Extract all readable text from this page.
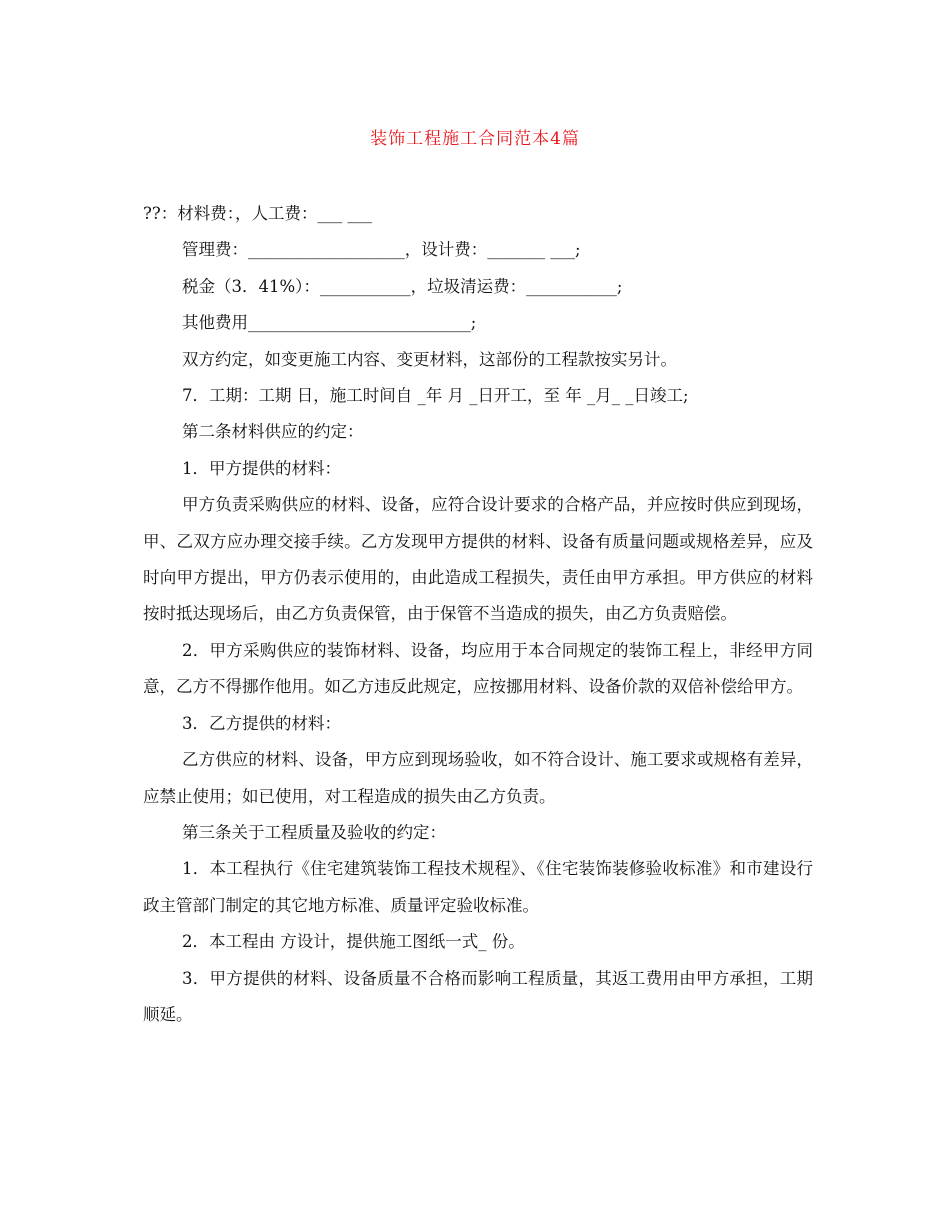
装饰工程施工合同范本4篇
??：材料费：，人工费：___ ___
管理费：___________________，设计费：_______ ___;
税金（3．41%）：___________，垃圾清运费：___________;
其他费用___________________________;
双方约定，如变更施工内容、变更材料，这部份的工程款按实另计。
7．工期：工期 日，施工时间自 _年 月 _日开工，至 年 _月_ _日竣工;
第二条材料供应的约定：
1．甲方提供的材料：

甲方负责采购供应的材料、设备，应符合设计要求的合格产品，并应按时供应到现场，甲、乙双方应办理交接手续。乙方发现甲方提供的材料、设备有质量问题或规格差异，应及时向甲方提出，甲方仍表示使用的，由此造成工程损失，责任由甲方承担。甲方供应的材料按时抵达现场后，由乙方负责保管，由于保管不当造成的损失，由乙方负责赔偿。

2．甲方采购供应的装饰材料、设备，均应用于本合同规定的装饰工程上，非经甲方同意，乙方不得挪作他用。如乙方违反此规定，应按挪用材料、设备价款的双倍补偿给甲方。

3．乙方提供的材料：

乙方供应的材料、设备，甲方应到现场验收，如不符合设计、施工要求或规格有差异，应禁止使用；如已使用，对工程造成的损失由乙方负责。

第三条关于工程质量及验收的约定：

1．本工程执行《住宅建筑装饰工程技术规程》、《住宅装饰装修验收标准》和市建设行政主管部门制定的其它地方标准、质量评定验收标准。

2．本工程由 方设计，提供施工图纸一式_ 份。

3．甲方提供的材料、设备质量不合格而影响工程质量，其返工费用由甲方承担，工期顺延。
